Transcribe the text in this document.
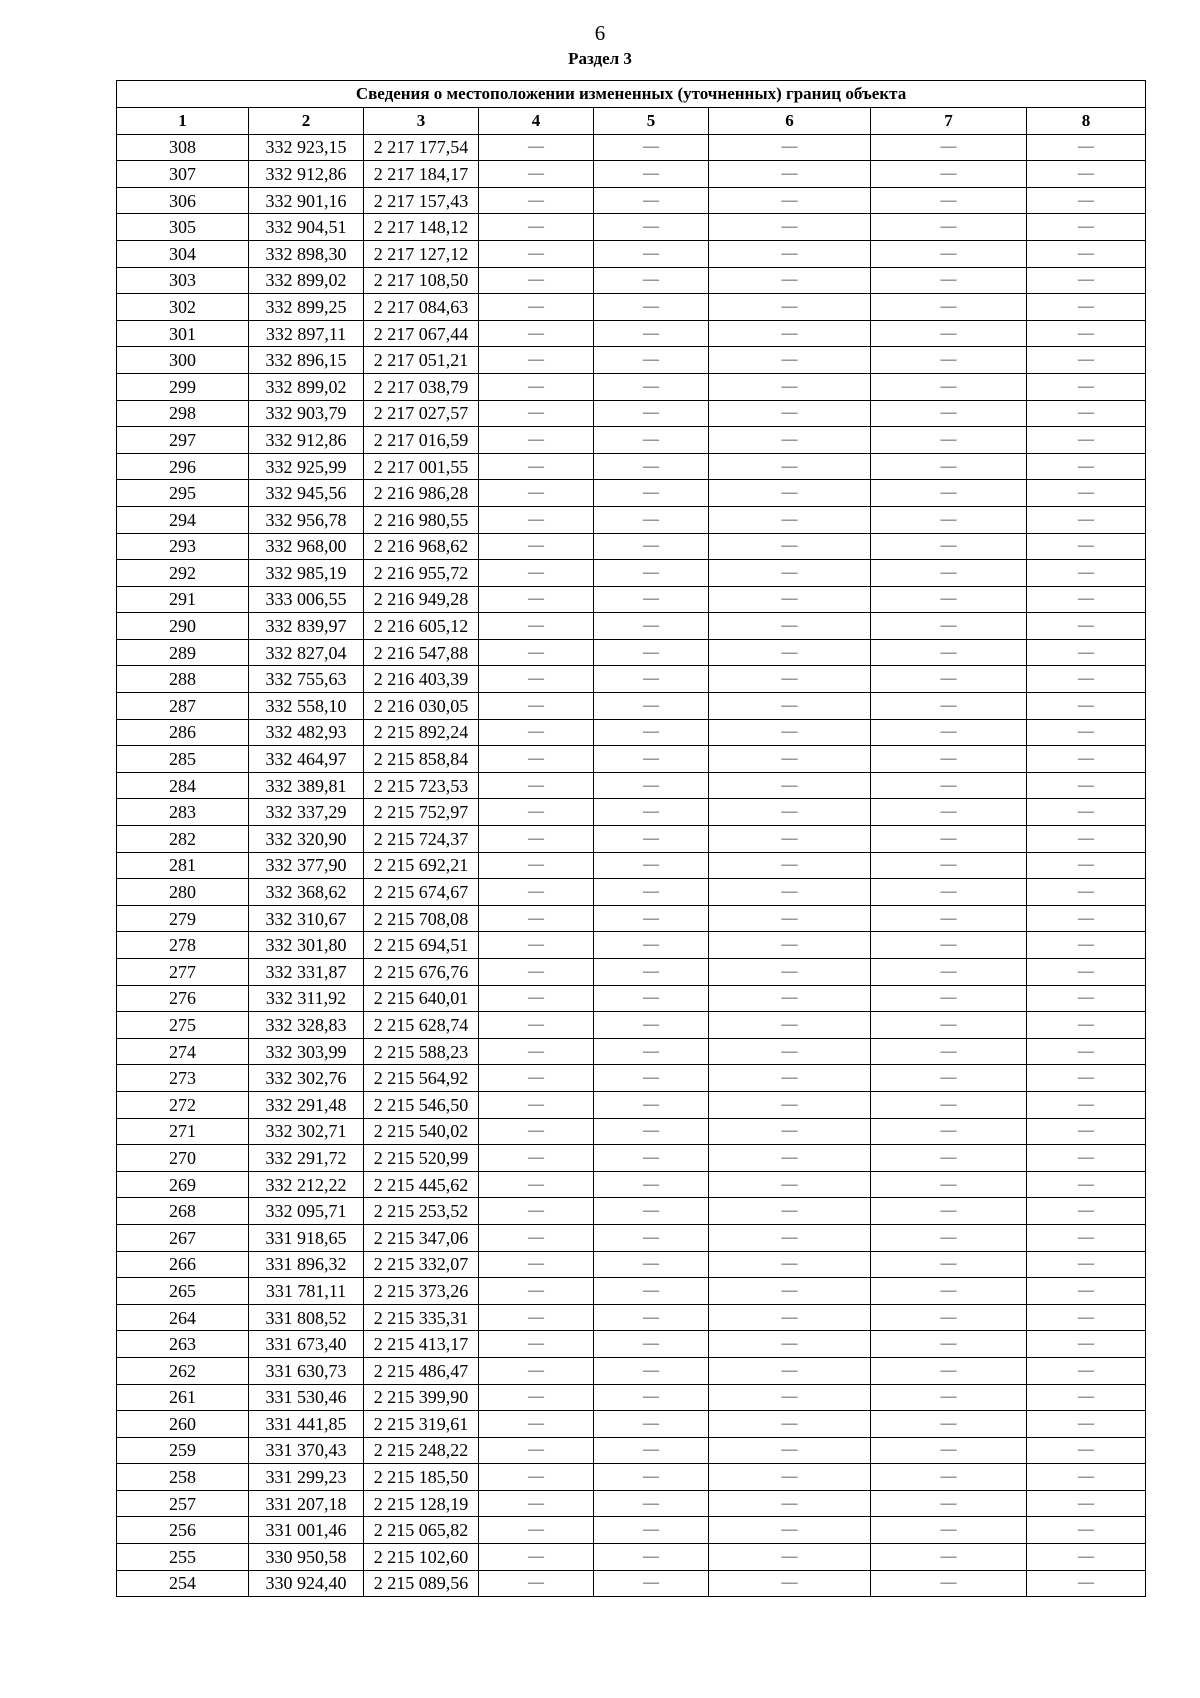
6
Раздел 3
Сведения о местоположении измененных (уточненных) границ объекта							
1	2	3	4	5	6	7	8
308	332 923,15	2 217 177,54	—	—	—	—	—
307	332 912,86	2 217 184,17	—	—	—	—	—
306	332 901,16	2 217 157,43	—	—	—	—	—
305	332 904,51	2 217 148,12	—	—	—	—	—
304	332 898,30	2 217 127,12	—	—	—	—	—
303	332 899,02	2 217 108,50	—	—	—	—	—
302	332 899,25	2 217 084,63	—	—	—	—	—
301	332 897,11	2 217 067,44	—	—	—	—	—
300	332 896,15	2 217 051,21	—	—	—	—	—
299	332 899,02	2 217 038,79	—	—	—	—	—
298	332 903,79	2 217 027,57	—	—	—	—	—
297	332 912,86	2 217 016,59	—	—	—	—	—
296	332 925,99	2 217 001,55	—	—	—	—	—
295	332 945,56	2 216 986,28	—	—	—	—	—
294	332 956,78	2 216 980,55	—	—	—	—	—
293	332 968,00	2 216 968,62	—	—	—	—	—
292	332 985,19	2 216 955,72	—	—	—	—	—
291	333 006,55	2 216 949,28	—	—	—	—	—
290	332 839,97	2 216 605,12	—	—	—	—	—
289	332 827,04	2 216 547,88	—	—	—	—	—
288	332 755,63	2 216 403,39	—	—	—	—	—
287	332 558,10	2 216 030,05	—	—	—	—	—
286	332 482,93	2 215 892,24	—	—	—	—	—
285	332 464,97	2 215 858,84	—	—	—	—	—
284	332 389,81	2 215 723,53	—	—	—	—	—
283	332 337,29	2 215 752,97	—	—	—	—	—
282	332 320,90	2 215 724,37	—	—	—	—	—
281	332 377,90	2 215 692,21	—	—	—	—	—
280	332 368,62	2 215 674,67	—	—	—	—	—
279	332 310,67	2 215 708,08	—	—	—	—	—
278	332 301,80	2 215 694,51	—	—	—	—	—
277	332 331,87	2 215 676,76	—	—	—	—	—
276	332 311,92	2 215 640,01	—	—	—	—	—
275	332 328,83	2 215 628,74	—	—	—	—	—
274	332 303,99	2 215 588,23	—	—	—	—	—
273	332 302,76	2 215 564,92	—	—	—	—	—
272	332 291,48	2 215 546,50	—	—	—	—	—
271	332 302,71	2 215 540,02	—	—	—	—	—
270	332 291,72	2 215 520,99	—	—	—	—	—
269	332 212,22	2 215 445,62	—	—	—	—	—
268	332 095,71	2 215 253,52	—	—	—	—	—
267	331 918,65	2 215 347,06	—	—	—	—	—
266	331 896,32	2 215 332,07	—	—	—	—	—
265	331 781,11	2 215 373,26	—	—	—	—	—
264	331 808,52	2 215 335,31	—	—	—	—	—
263	331 673,40	2 215 413,17	—	—	—	—	—
262	331 630,73	2 215 486,47	—	—	—	—	—
261	331 530,46	2 215 399,90	—	—	—	—	—
260	331 441,85	2 215 319,61	—	—	—	—	—
259	331 370,43	2 215 248,22	—	—	—	—	—
258	331 299,23	2 215 185,50	—	—	—	—	—
257	331 207,18	2 215 128,19	—	—	—	—	—
256	331 001,46	2 215 065,82	—	—	—	—	—
255	330 950,58	2 215 102,60	—	—	—	—	—
254	330 924,40	2 215 089,56	—	—	—	—	—
